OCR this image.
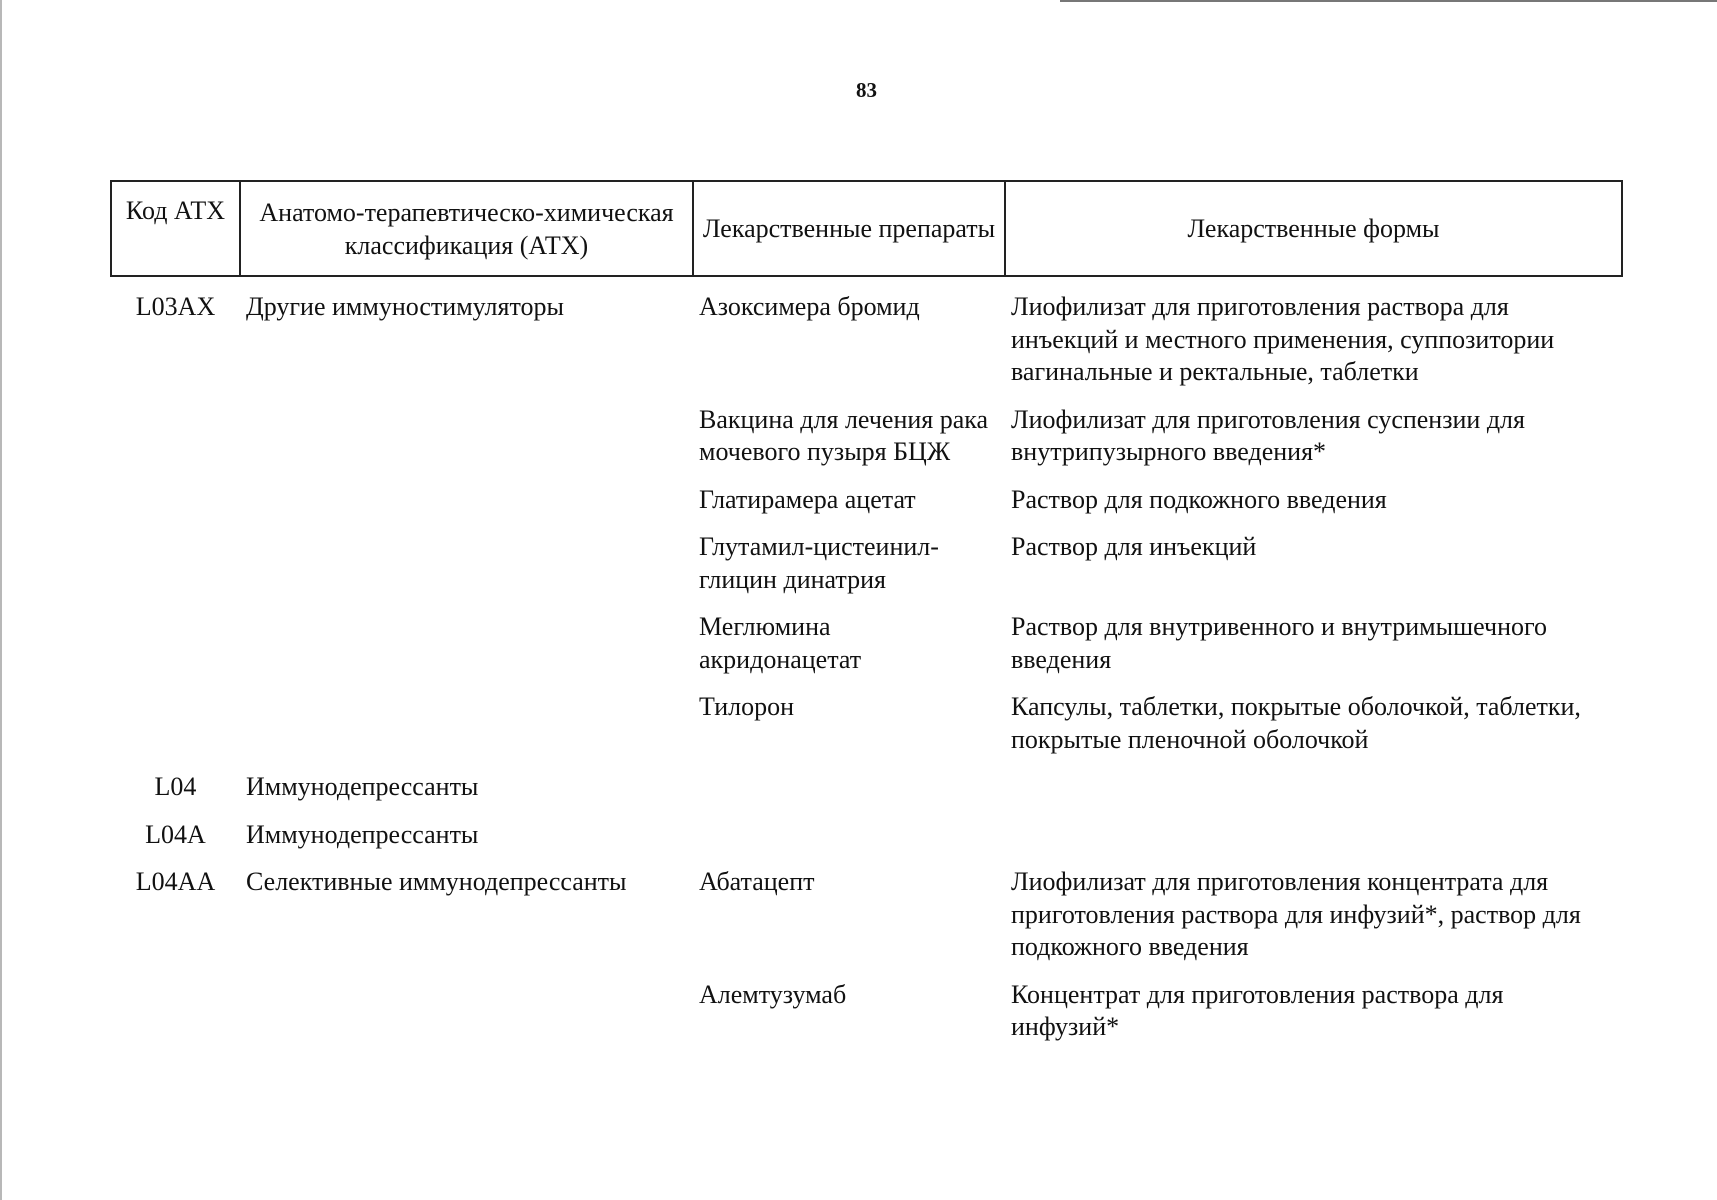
83
Код АТХ	Анатомо-терапевтическо-химическая классификация (АТХ)	Лекарственные препараты	Лекарственные формы
L03AX	Другие иммуностимуляторы	Азоксимера бромид	Лиофилизат для приготовления раствора для инъекций и местного применения, суппозитории вагинальные и ректальные, таблетки
		Вакцина для лечения рака мочевого пузыря БЦЖ	Лиофилизат для приготовления суспензии для внутрипузырного введения*
		Глатирамера ацетат	Раствор для подкожного введения
		Глутамил-цистеинил-глицин динатрия	Раствор для инъекций
		Меглюмина акридонацетат	Раствор для внутривенного и внутримышечного введения
		Тилорон	Капсулы, таблетки, покрытые оболочкой, таблетки, покрытые пленочной оболочкой
L04	Иммунодепрессанты		
L04A	Иммунодепрессанты		
L04AA	Селективные иммунодепрессанты	Абатацепт	Лиофилизат для приготовления концентрата для приготовления раствора для инфузий*, раствор для подкожного введения
		Алемтузумаб	Концентрат для приготовления раствора для инфузий*
